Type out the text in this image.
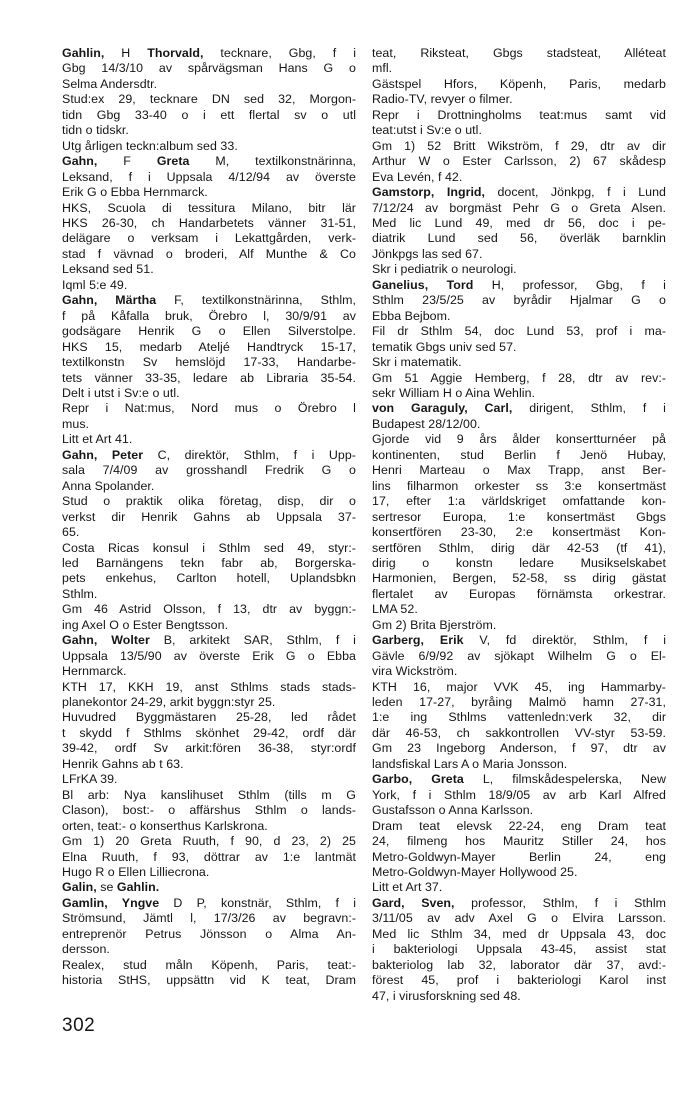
Gahlin, H Thorvald, tecknare, Gbg, f i
Gbg 14/3/10 av spårvägsman Hans G o
Selma Andersdtr.
Stud:ex 29, tecknare DN sed 32, Morgon-
tidn Gbg 33-40 o i ett flertal sv o utl
tidn o tidskr.
Utg årligen teckn:album sed 33.
Gahn, F Greta M, textilkonstnärinna,
Leksand, f i Uppsala 4/12/94 av överste
Erik G o Ebba Hernmarck.
HKS, Scuola di tessitura Milano, bitr lär
HKS 26-30, ch Handarbetets vänner 31-51,
delägare o verksam i Lekattgården, verk-
stad f vävnad o broderi, Alf Munthe & Co
Leksand sed 51.
Iqml 5:e 49.
Gahn, Märtha F, textilkonstnärinna, Sthlm,
f på Kåfalla bruk, Örebro l, 30/9/91 av
godsägare Henrik G o Ellen Silverstolpe.
HKS 15, medarb Ateljé Handtryck 15-17,
textilkonstn Sv hemslöjd 17-33, Handarbe-
tets vänner 33-35, ledare ab Libraria 35-54.
Delt i utst i Sv:e o utl.
Repr i Nat:mus, Nord mus o Örebro l
mus.
Litt et Art 41.
Gahn, Peter C, direktör, Sthlm, f i Upp-
sala 7/4/09 av grosshandl Fredrik G o
Anna Spolander.
Stud o praktik olika företag, disp, dir o
verkst dir Henrik Gahns ab Uppsala 37-
65.
Costa Ricas konsul i Sthlm sed 49, styr:-
led Barnängens tekn fabr ab, Borgerska-
pets enkehus, Carlton hotell, Uplandsbkn
Sthlm.
Gm 46 Astrid Olsson, f 13, dtr av byggn:-
ing Axel O o Ester Bengtsson.
Gahn, Wolter B, arkitekt SAR, Sthlm, f i
Uppsala 13/5/90 av överste Erik G o Ebba
Hernmarck.
KTH 17, KKH 19, anst Sthlms stads stads-
planekontor 24-29, arkit byggn:styr 25.
Huvudred Byggmästaren 25-28, led rådet
t skydd f Sthlms skönhet 29-42, ordf där
39-42, ordf Sv arkit:fören 36-38, styr:ordf
Henrik Gahns ab t 63.
LFrKA 39.
Bl arb: Nya kanslihuset Sthlm (tills m G
Clason), bost:- o affärshus Sthlm o lands-
orten, teat:- o konserthus Karlskrona.
Gm 1) 20 Greta Ruuth, f 90, d 23, 2) 25
Elna Ruuth, f 93, döttrar av 1:e lantmät
Hugo R o Ellen Lilliecrona.
Galin, se Gahlin.
Gamlin, Yngve D P, konstnär, Sthlm, f i
Strömsund, Jämtl l, 17/3/26 av begravn:-
entreprenör Petrus Jönsson o Alma An-
dersson.
Realex, stud måln Köpenh, Paris, teat:-
historia StHS, uppsättn vid K teat, Dram
teat, Riksteat, Gbgs stadsteat, Alléteat
mfl.
Gästspel Hfors, Köpenh, Paris, medarb
Radio-TV, revyer o filmer.
Repr i Drottningholms teat:mus samt vid
teat:utst i Sv:e o utl.
Gm 1) 52 Britt Wikström, f 29, dtr av dir
Arthur W o Ester Carlsson, 2) 67 skådesp
Eva Levén, f 42.
Gamstorp, Ingrid, docent, Jönkpg, f i Lund
7/12/24 av borgmäst Pehr G o Greta Alsen.
Med lic Lund 49, med dr 56, doc i pe-
diatrik Lund sed 56, överläk barnklin
Jönkpgs las sed 67.
Skr i pediatrik o neurologi.
Ganelius, Tord H, professor, Gbg, f i
Sthlm 23/5/25 av byrådir Hjalmar G o
Ebba Bejbom.
Fil dr Sthlm 54, doc Lund 53, prof i ma-
tematik Gbgs univ sed 57.
Skr i matematik.
Gm 51 Aggie Hemberg, f 28, dtr av rev:-
sekr William H o Aina Wehlin.
von Garaguly, Carl, dirigent, Sthlm, f i
Budapest 28/12/00.
Gjorde vid 9 års ålder konsertturnéer på
kontinenten, stud Berlin f Jenö Hubay,
Henri Marteau o Max Trapp, anst Ber-
lins filharmon orkester ss 3:e konsertmäst
17, efter 1:a världskriget omfattande kon-
sertresor Europa, 1:e konsertmäst Gbgs
konsertfören 23-30, 2:e konsertmäst Kon-
sertfören Sthlm, dirig där 42-53 (tf 41),
dirig o konstn ledare Musikselskabet
Harmonien, Bergen, 52-58, ss dirig gästat
flertalet av Europas förnämsta orkestrar.
LMA 52.
Gm 2) Brita Bjerström.
Garberg, Erik V, fd direktör, Sthlm, f i
Gävle 6/9/92 av sjökapt Wilhelm G o El-
vira Wickström.
KTH 16, major VVK 45, ing Hammarby-
leden 17-27, byråing Malmö hamn 27-31,
1:e ing Sthlms vattenledn:verk 32, dir
där 46-53, ch sakkontrollen VV-styr 53-59.
Gm 23 Ingeborg Anderson, f 97, dtr av
landsfiskal Lars A o Maria Jonsson.
Garbo, Greta L, filmskådespelerska, New
York, f i Sthlm 18/9/05 av arb Karl Alfred
Gustafsson o Anna Karlsson.
Dram teat elevsk 22-24, eng Dram teat
24, filmeng hos Mauritz Stiller 24, hos
Metro-Goldwyn-Mayer Berlin 24, eng
Metro-Goldwyn-Mayer Hollywood 25.
Litt et Art 37.
Gard, Sven, professor, Sthlm, f i Sthlm
3/11/05 av adv Axel G o Elvira Larsson.
Med lic Sthlm 34, med dr Uppsala 43, doc
i bakteriologi Uppsala 43-45, assist stat
bakteriolog lab 32, laborator där 37, avd:-
förest 45, prof i bakteriologi Karol inst
47, i virusforskning sed 48.
302
